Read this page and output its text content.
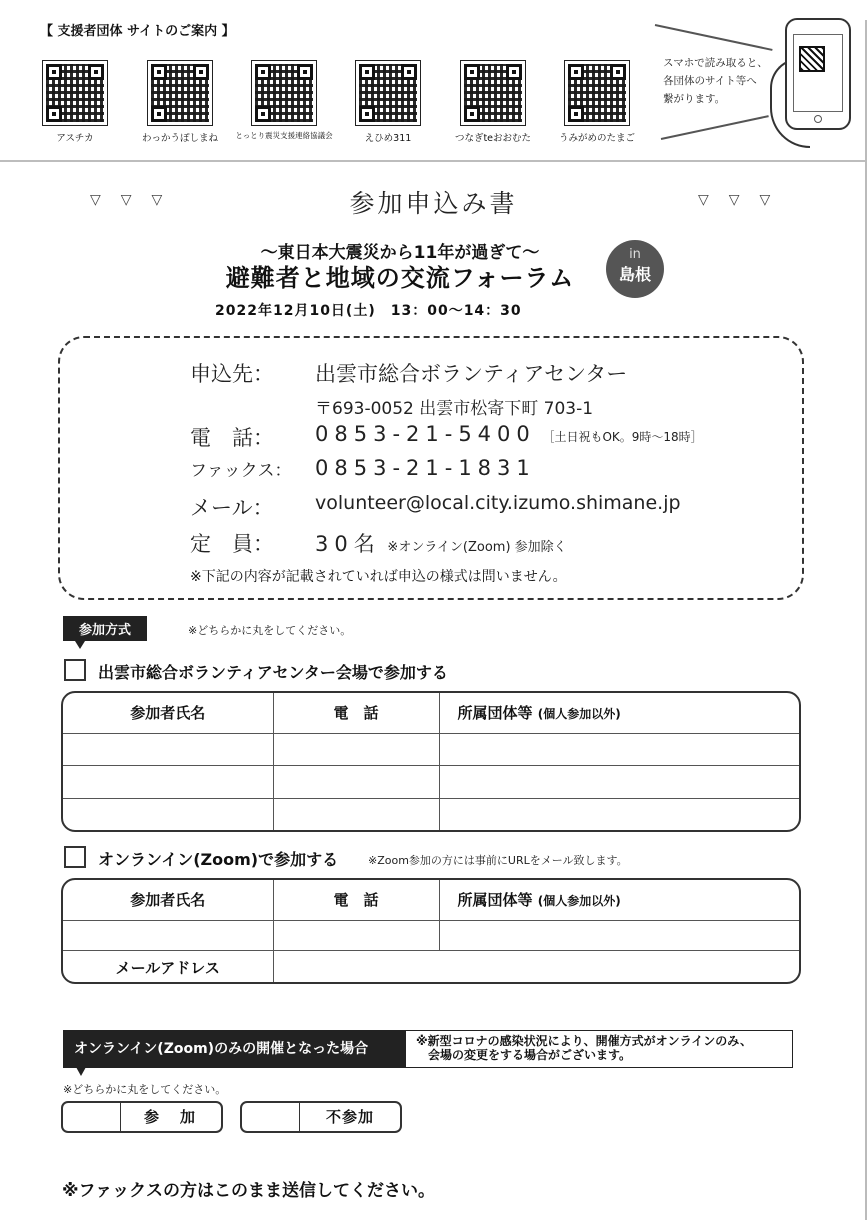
【 支援者団体 サイトのご案内 】
アスチカ	わっかうぽしまね	とっとり震災支援連絡協議会	えひめ311	つなぎteおおむた	うみがめのたまご
スマホで読み取ると、
各団体のサイト等へ
繋がります。
▽▽▽	▽▽▽
参加申込み書
〜東日本大震災から11年が過ぎて〜
避難者と地域の交流フォーラム
in
島根
2022年12月10日(土)　13：00〜14：30
申込先： 出雲市総合ボランティアセンター
〒693-0052 出雲市松寄下町 703-1
電　話： 0853-21-5400 ［土日祝もOK。9時〜18時］
ファックス： 0853-21-1831
メール： volunteer@local.city.izumo.shimane.jp
定　員： 30名 ※オンライン(Zoom) 参加除く
※下記の内容が記載されていれば申込の様式は問いません。
参加方式	※どちらかに丸をしてください。
出雲市総合ボランティアセンター会場で参加する
参加者氏名	電　話	所属団体等 (個人参加以外)

オンランイン(Zoom)で参加する	※Zoom参加の方には事前にURLをメール致します。
参加者氏名	電　話	所属団体等 (個人参加以外)

メールアドレス		
オンランイン(Zoom)のみの開催となった場合	※新型コロナの感染状況により、開催方式がオンラインのみ、
会場の変更をする場合がございます。
※どちらかに丸をしてください。
参　加	不参加
※ファックスの方はこのまま送信してください。
